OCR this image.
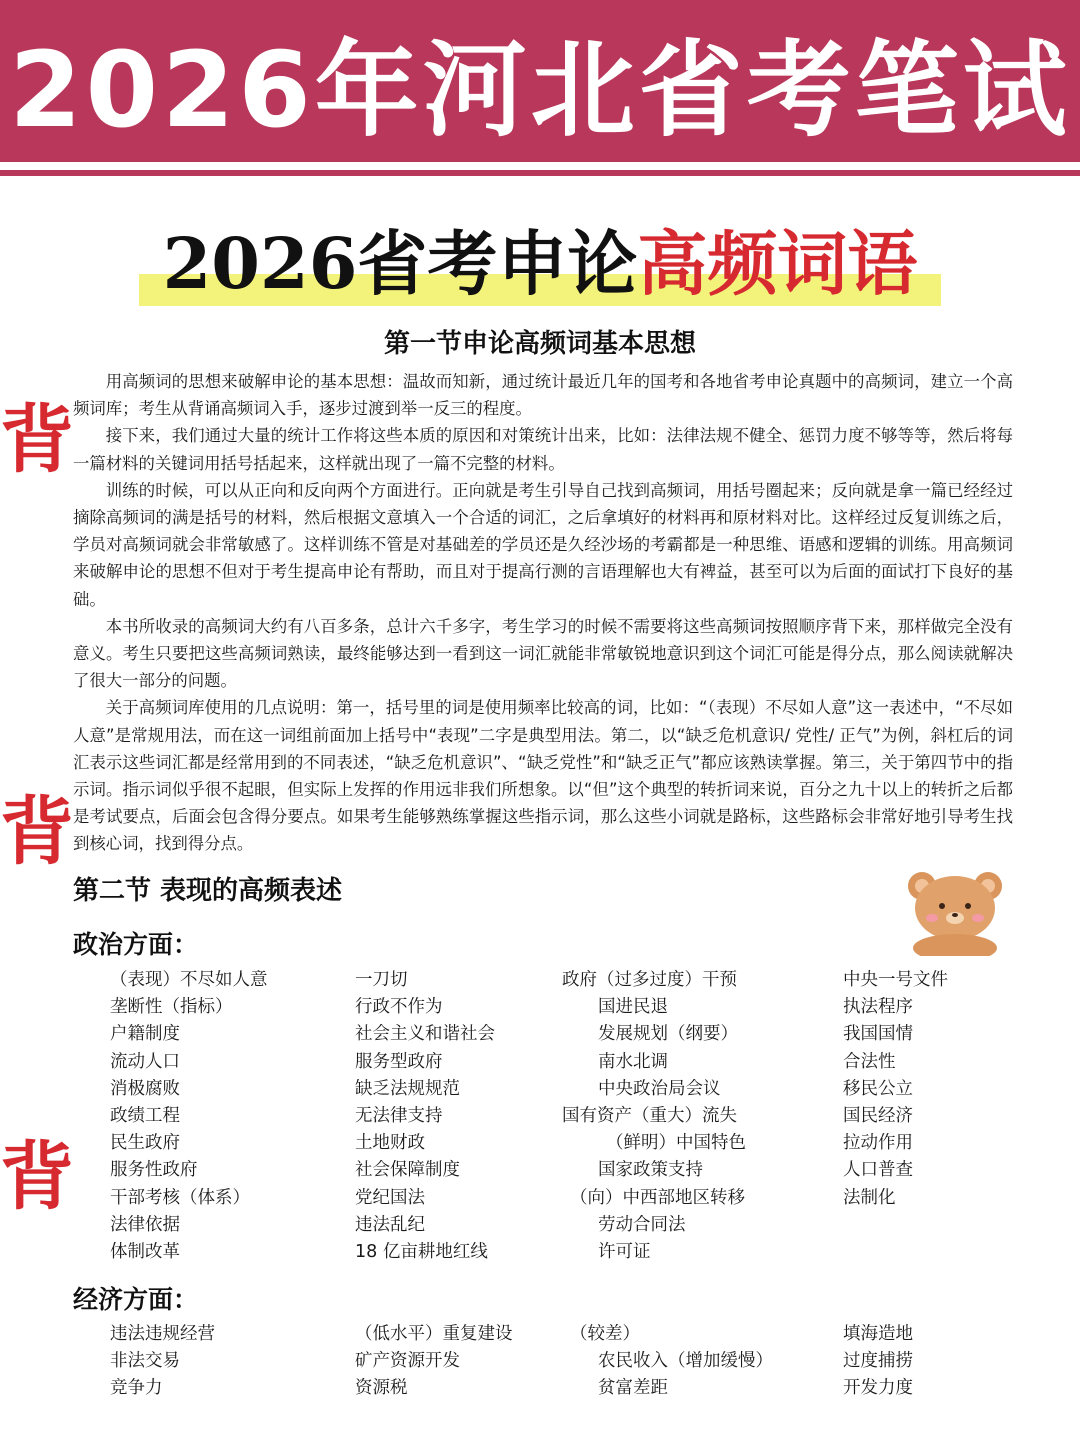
2026年河北省考笔试
2026省考申论高频词语
第一节申论高频词基本思想

用高频词的思想来破解申论的基本思想：温故而知新，通过统计最近几年的国考和各地省考申论真题中的高频词，建立一个高频词库；考生从背诵高频词入手，逐步过渡到举一反三的程度。

接下来，我们通过大量的统计工作将这些本质的原因和对策统计出来，比如：法律法规不健全、惩罚力度不够等等，然后将每一篇材料的关键词用括号括起来，这样就出现了一篇不完整的材料。

训练的时候，可以从正向和反向两个方面进行。正向就是考生引导自己找到高频词，用括号圈起来；反向就是拿一篇已经经过摘除高频词的满是括号的材料，然后根据文意填入一个合适的词汇，之后拿填好的材料再和原材料对比。这样经过反复训练之后，学员对高频词就会非常敏感了。这样训练不管是对基础差的学员还是久经沙场的考霸都是一种思维、语感和逻辑的训练。用高频词来破解申论的思想不但对于考生提高申论有帮助，而且对于提高行测的言语理解也大有裨益，甚至可以为后面的面试打下良好的基础。

本书所收录的高频词大约有八百多条，总计六千多字，考生学习的时候不需要将这些高频词按照顺序背下来，那样做完全没有意义。考生只要把这些高频词熟读，最终能够达到一看到这一词汇就能非常敏锐地意识到这个词汇可能是得分点，那么阅读就解决了很大一部分的问题。

关于高频词库使用的几点说明：第一，括号里的词是使用频率比较高的词，比如：“（表现）不尽如人意”这一表述中，“不尽如人意”是常规用法，而在这一词组前面加上括号中“表现”二字是典型用法。第二，以“缺乏危机意识/ 党性/ 正气”为例，斜杠后的词汇表示这些词汇都是经常用到的不同表述，“缺乏危机意识”、“缺乏党性”和“缺乏正气”都应该熟读掌握。第三，关于第四节中的指示词。指示词似乎很不起眼，但实际上发挥的作用远非我们所想象。以“但”这个典型的转折词来说，百分之九十以上的转折之后都是考试要点，后面会包含得分要点。如果考生能够熟练掌握这些指示词，那么这些小词就是路标，这些路标会非常好地引导考生找到核心词，找到得分点。

背
背
背
第二节 表现的高频表述
政治方面：
（表现）不尽如人意
垄断性（指标）
户籍制度
流动人口
消极腐败
政绩工程
民生政府
服务性政府
干部考核（体系）
法律依据
体制改革
一刀切
行政不作为
社会主义和谐社会
服务型政府
缺乏法规规范
无法律支持
土地财政
社会保障制度
党纪国法
违法乱纪
18 亿亩耕地红线
政府（过多过度）干预
国进民退
发展规划（纲要）
南水北调
中央政治局会议
国有资产（重大）流失
（鲜明）中国特色
国家政策支持
（向）中西部地区转移
劳动合同法
许可证
中央一号文件
执法程序
我国国情
合法性
移民公立
国民经济
拉动作用
人口普查
法制化
经济方面：
违法违规经营
非法交易
竞争力
（低水平）重复建设
矿产资源开发
资源税
（较差）
农民收入（增加缓慢）
贫富差距
填海造地
过度捕捞
开发力度
